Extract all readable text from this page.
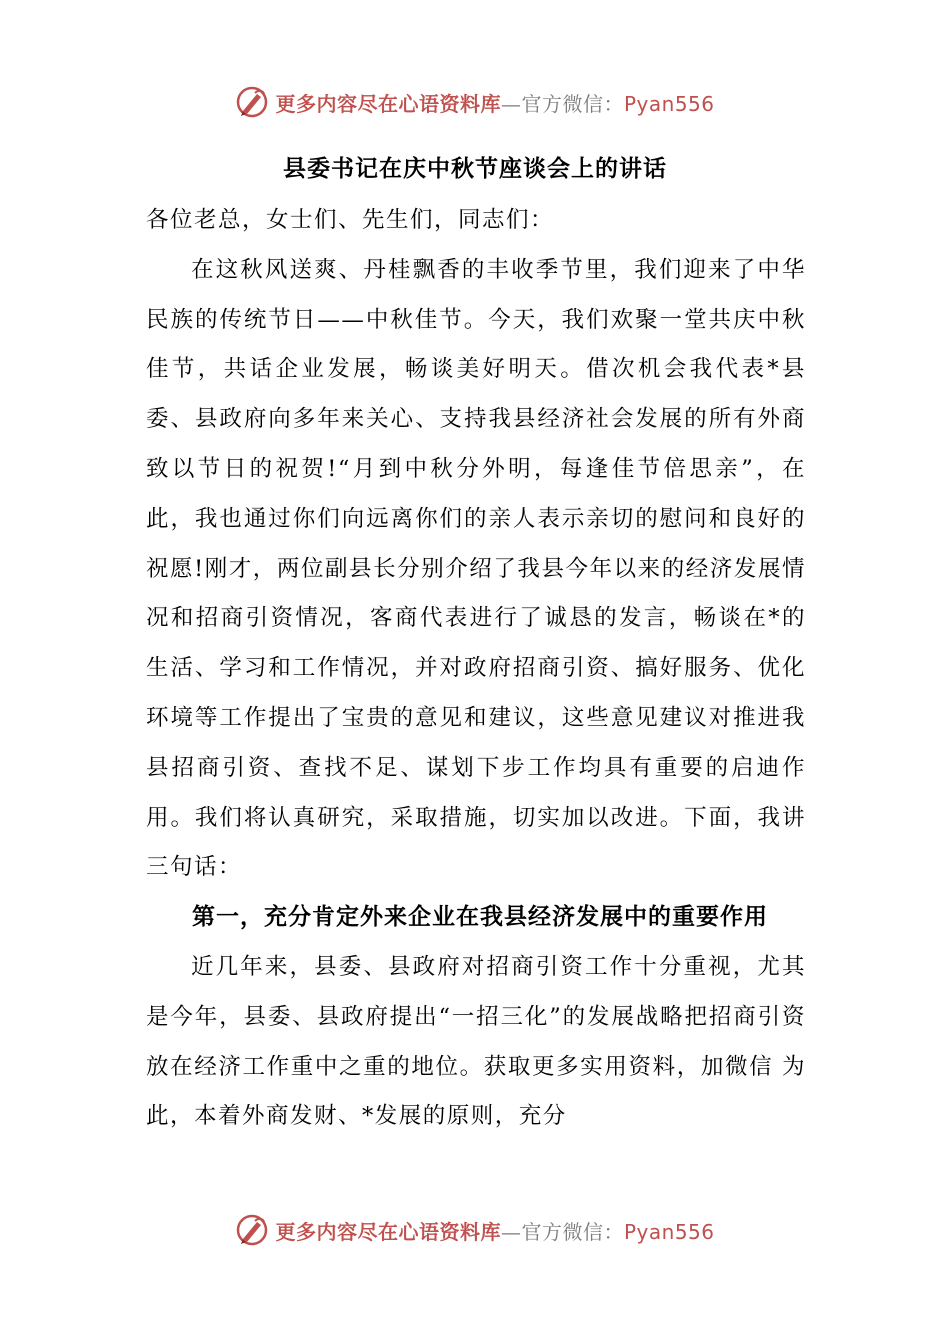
更多内容尽在心语资料库—官方微信：Pyan556
县委书记在庆中秋节座谈会上的讲话

各位老总，女士们、先生们，同志们：

在这秋风送爽、丹桂飘香的丰收季节里，我们迎来了中华民族的传统节日——中秋佳节。今天，我们欢聚一堂共庆中秋佳节，共话企业发展，畅谈美好明天。借次机会我代表*县委、县政府向多年来关心、支持我县经济社会发展的所有外商致以节日的祝贺!“月到中秋分外明，每逢佳节倍思亲”，在此，我也通过你们向远离你们的亲人表示亲切的慰问和良好的祝愿!刚才，两位副县长分别介绍了我县今年以来的经济发展情况和招商引资情况，客商代表进行了诚恳的发言，畅谈在*的生活、学习和工作情况，并对政府招商引资、搞好服务、优化环境等工作提出了宝贵的意见和建议，这些意见建议对推进我县招商引资、查找不足、谋划下步工作均具有重要的启迪作用。我们将认真研究，采取措施，切实加以改进。下面，我讲三句话：

第一，充分肯定外来企业在我县经济发展中的重要作用

近几年来，县委、县政府对招商引资工作十分重视，尤其是今年，县委、县政府提出“一招三化”的发展战略把招商引资放在经济工作重中之重的地位。获取更多实用资料，加微信 为此，本着外商发财、*发展的原则，充分

更多内容尽在心语资料库—官方微信：Pyan556
